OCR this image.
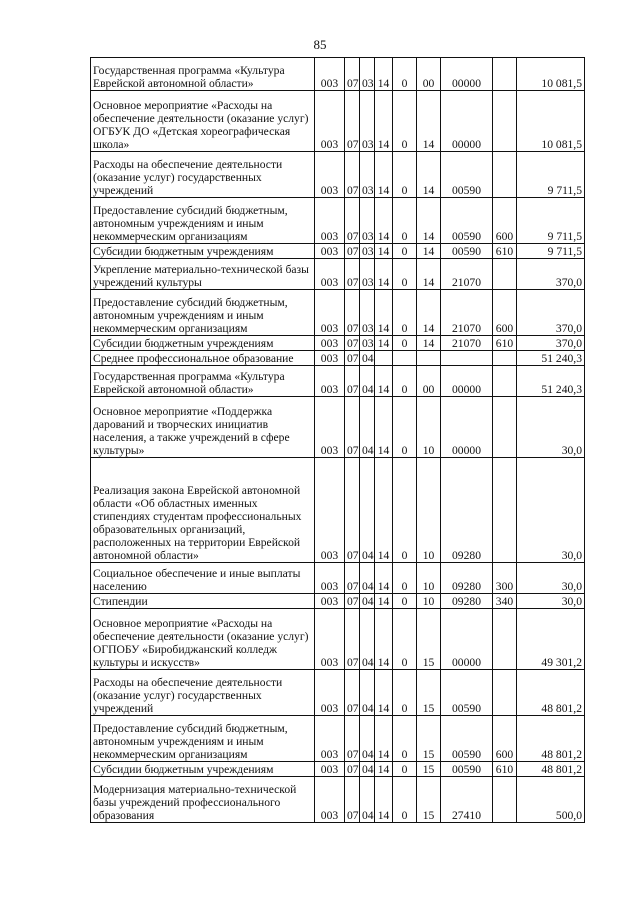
85
Государственная программа «Культура Еврейской автономной области»	003	07	03	14	0	00	00000		10 081,5
Основное мероприятие «Расходы на обеспечение деятельности (оказание услуг) ОГБУК ДО «Детская хореографическая школа»	003	07	03	14	0	14	00000		10 081,5
Расходы на обеспечение деятельности (оказание услуг) государственных учреждений	003	07	03	14	0	14	00590		9 711,5
Предоставление субсидий бюджетным, автономным учреждениям и иным некоммерческим организациям	003	07	03	14	0	14	00590	600	9 711,5
Субсидии бюджетным учреждениям	003	07	03	14	0	14	00590	610	9 711,5
Укрепление материально-технической базы учреждений культуры	003	07	03	14	0	14	21070		370,0
Предоставление субсидий бюджетным, автономным учреждениям и иным некоммерческим организациям	003	07	03	14	0	14	21070	600	370,0
Субсидии бюджетным учреждениям	003	07	03	14	0	14	21070	610	370,0
Среднее профессиональное образование	003	07	04						51 240,3
Государственная программа «Культура Еврейской автономной области»	003	07	04	14	0	00	00000		51 240,3
Основное мероприятие «Поддержка дарований и творческих инициатив населения, а также учреждений в сфере культуры»	003	07	04	14	0	10	00000		30,0
Реализация закона Еврейской автономной области «Об областных именных стипендиях студентам профессиональных образовательных организаций, расположенных на территории Еврейской автономной области»	003	07	04	14	0	10	09280		30,0
Социальное обеспечение и иные выплаты населению	003	07	04	14	0	10	09280	300	30,0
Стипендии	003	07	04	14	0	10	09280	340	30,0
Основное мероприятие «Расходы на обеспечение деятельности (оказание услуг) ОГПОБУ «Биробиджанский колледж культуры и искусств»	003	07	04	14	0	15	00000		49 301,2
Расходы на обеспечение деятельности (оказание услуг) государственных учреждений	003	07	04	14	0	15	00590		48 801,2
Предоставление субсидий бюджетным, автономным учреждениям и иным некоммерческим организациям	003	07	04	14	0	15	00590	600	48 801,2
Субсидии бюджетным учреждениям	003	07	04	14	0	15	00590	610	48 801,2
Модернизация материально-технической базы учреждений профессионального образования	003	07	04	14	0	15	27410		500,0
